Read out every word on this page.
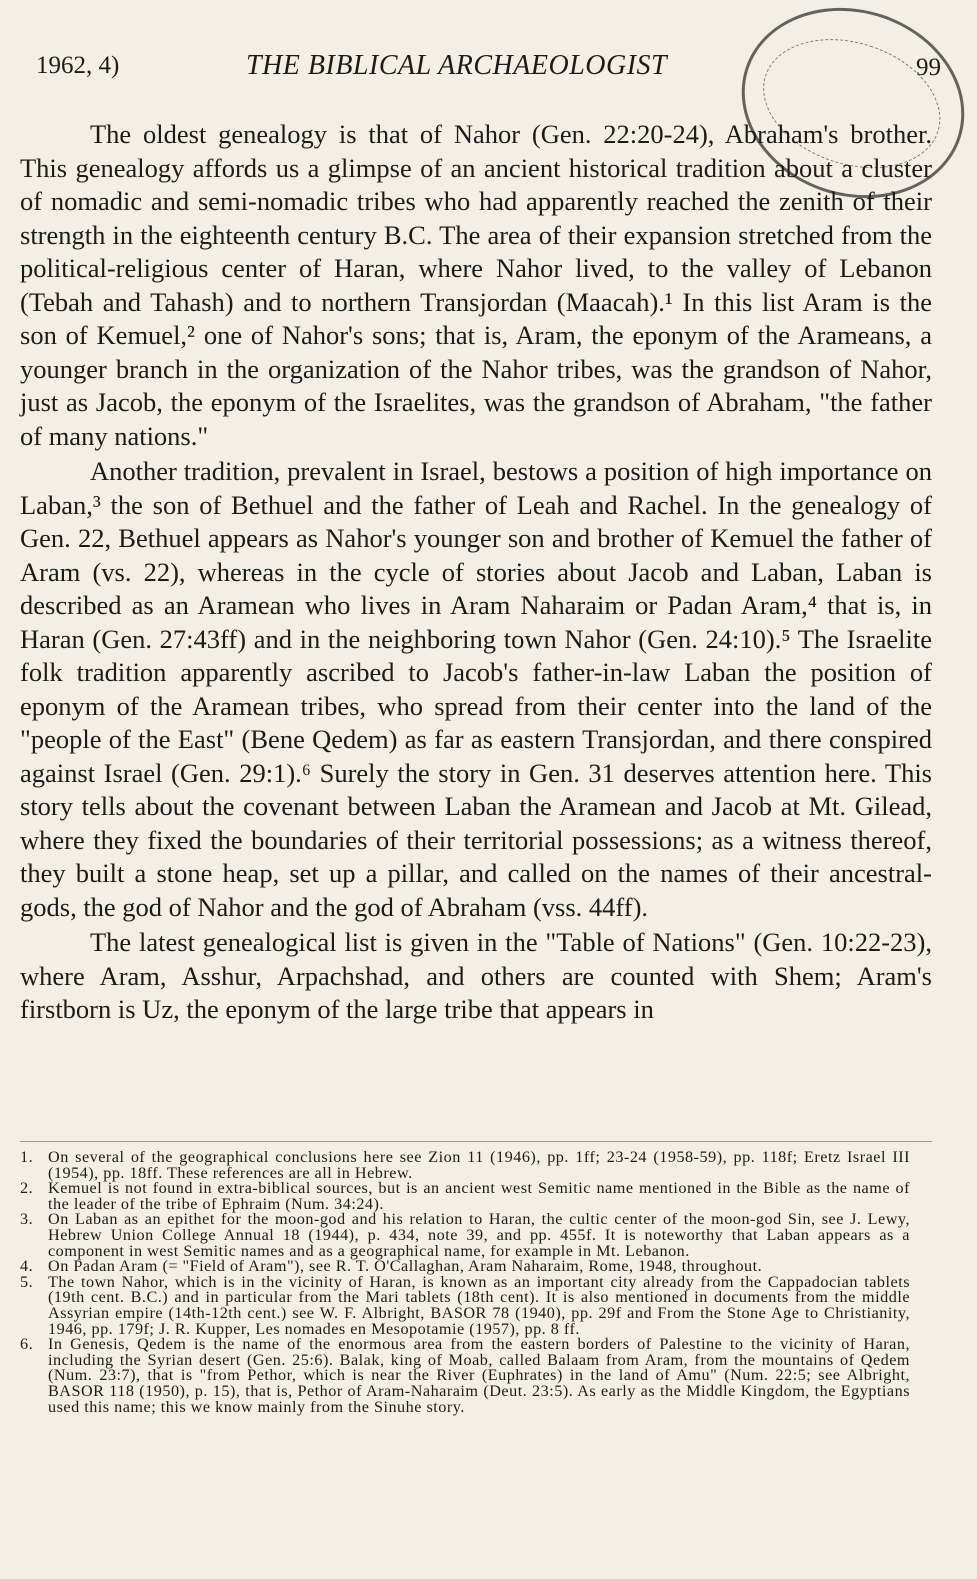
1962, 4)	THE BIBLICAL ARCHAEOLOGIST	99

The oldest genealogy is that of Nahor (Gen. 22:20-24), Abraham's brother. This genealogy affords us a glimpse of an ancient historical tradition about a cluster of nomadic and semi-nomadic tribes who had apparently reached the zenith of their strength in the eighteenth century B.C. The area of their expansion stretched from the political-religious center of Haran, where Nahor lived, to the valley of Lebanon (Tebah and Tahash) and to northern Transjordan (Maacah).¹ In this list Aram is the son of Kemuel,² one of Nahor's sons; that is, Aram, the eponym of the Arameans, a younger branch in the organization of the Nahor tribes, was the grandson of Nahor, just as Jacob, the eponym of the Israelites, was the grandson of Abraham, "the father of many nations."

Another tradition, prevalent in Israel, bestows a position of high importance on Laban,³ the son of Bethuel and the father of Leah and Rachel. In the genealogy of Gen. 22, Bethuel appears as Nahor's younger son and brother of Kemuel the father of Aram (vs. 22), whereas in the cycle of stories about Jacob and Laban, Laban is described as an Aramean who lives in Aram Naharaim or Padan Aram,⁴ that is, in Haran (Gen. 27:43ff) and in the neighboring town Nahor (Gen. 24:10).⁵ The Israelite folk tradition apparently ascribed to Jacob's father-in-law Laban the position of eponym of the Aramean tribes, who spread from their center into the land of the "people of the East" (Bene Qedem) as far as eastern Transjordan, and there conspired against Israel (Gen. 29:1).⁶ Surely the story in Gen. 31 deserves attention here. This story tells about the covenant between Laban the Aramean and Jacob at Mt. Gilead, where they fixed the boundaries of their territorial possessions; as a witness thereof, they built a stone heap, set up a pillar, and called on the names of their ancestral-gods, the god of Nahor and the god of Abraham (vss. 44ff).

The latest genealogical list is given in the "Table of Nations" (Gen. 10:22-23), where Aram, Asshur, Arpachshad, and others are counted with Shem; Aram's firstborn is Uz, the eponym of the large tribe that appears in

1. On several of the geographical conclusions here see Zion 11 (1946), pp. 1ff; 23-24 (1958-59), pp. 118f; Eretz Israel III (1954), pp. 18ff. These references are all in Hebrew.
2. Kemuel is not found in extra-biblical sources, but is an ancient west Semitic name mentioned in the Bible as the name of the leader of the tribe of Ephraim (Num. 34:24).
3. On Laban as an epithet for the moon-god and his relation to Haran, the cultic center of the moon-god Sin, see J. Lewy, Hebrew Union College Annual 18 (1944), p. 434, note 39, and pp. 455f. It is noteworthy that Laban appears as a component in west Semitic names and as a geographical name, for example in Mt. Lebanon.
4. On Padan Aram (= "Field of Aram"), see R. T. O'Callaghan, Aram Naharaim, Rome, 1948, throughout.
5. The town Nahor, which is in the vicinity of Haran, is known as an important city already from the Cappadocian tablets (19th cent. B.C.) and in particular from the Mari tablets (18th cent). It is also mentioned in documents from the middle Assyrian empire (14th-12th cent.) see W. F. Albright, BASOR 78 (1940), pp. 29f and From the Stone Age to Christianity, 1946, pp. 179f; J. R. Kupper, Les nomades en Mesopotamie (1957), pp. 8 ff.
6. In Genesis, Qedem is the name of the enormous area from the eastern borders of Palestine to the vicinity of Haran, including the Syrian desert (Gen. 25:6). Balak, king of Moab, called Balaam from Aram, from the mountains of Qedem (Num. 23:7), that is "from Pethor, which is near the River (Euphrates) in the land of Amu" (Num. 22:5; see Albright, BASOR 118 (1950), p. 15), that is, Pethor of Aram-Naharaim (Deut. 23:5). As early as the Middle Kingdom, the Egyptians used this name; this we know mainly from the Sinuhe story.
